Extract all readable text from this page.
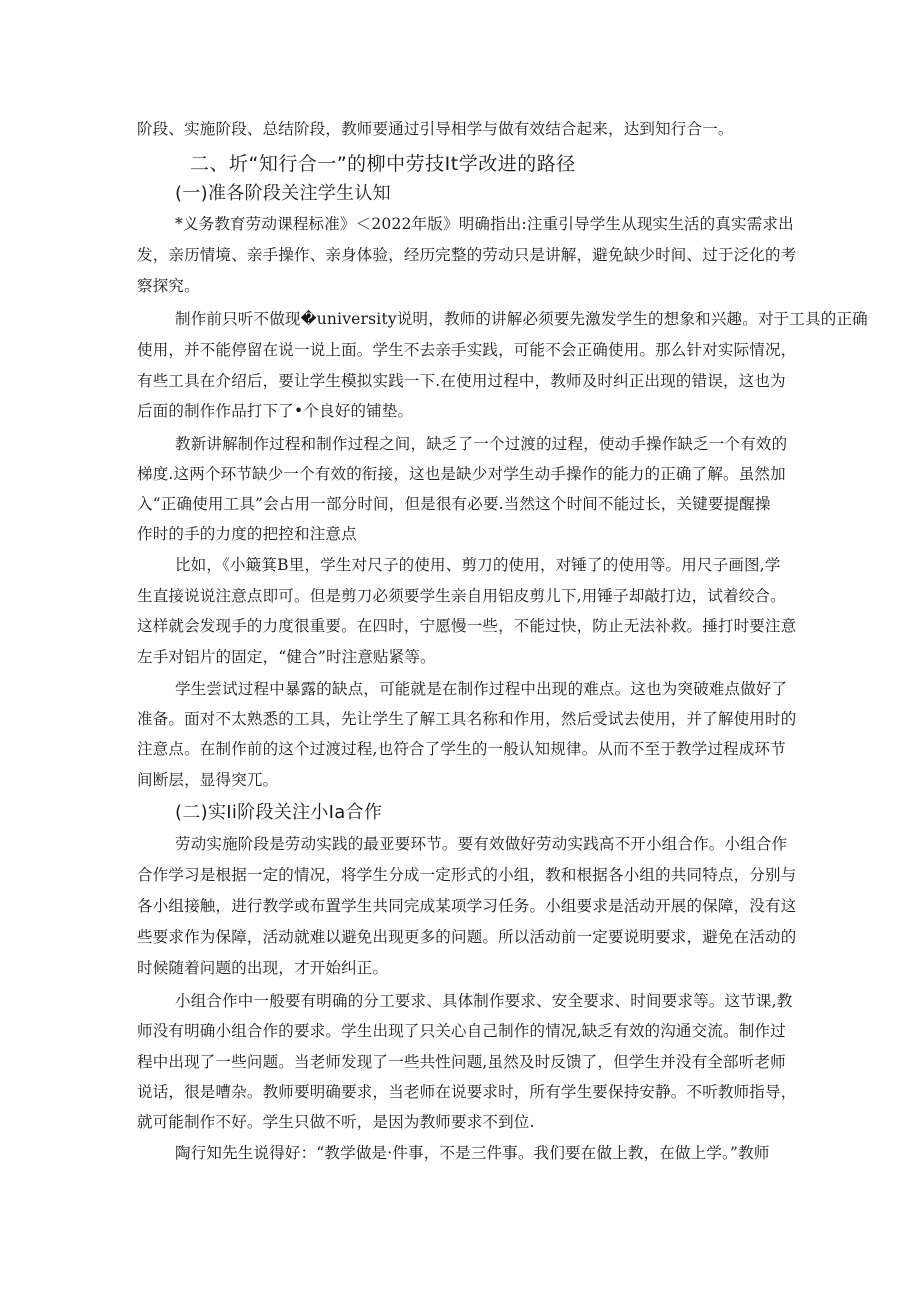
阶段、实施阶段、总结阶段，教师要通过引导相学与做有效结合起来，达到知行合一。
二、圻“知行合一”的柳中劳技It学改进的路径
(一)准各阶段关注学生认知
*义务教育劳动课程标准》＜2022年版》明确指出:注重引导学生从现实生活的真实需求出
发，亲历情境、亲手操作、亲身体验，经历完整的劳动只是讲解，避免缺少时间、过于泛化的考
察探究。
制作前只听不做现�university说明，教师的讲解必须要先激发学生的想象和兴趣。对于工具的正确
使用，并不能停留在说一说上面。学生不去亲手实践，可能不会正确使用。那么针对实际情况，
有些工具在介绍后，要让学生模拟实践一下.在使用过程中，教师及时纠正出现的错误，这也为
后面的制作作品打下了•个良好的铺垫。
教新讲解制作过程和制作过程之间，缺乏了一个过渡的过程，使动手操作缺乏一个有效的
梯度.这两个环节缺少一个有效的衔接，这也是缺少对学生动手操作的能力的正确了解。虽然加
入“正确使用工具”会占用一部分时间，但是很有必要.当然这个时间不能过长，关键要提醒操
作时的手的力度的把控和注意点
比如，《小簸箕B里，学生对尺子的使用、剪刀的使用，对锤了的使用等。用尺子画图,学
生直接说说注意点即可。但是剪刀必须要学生亲自用铝皮剪儿下,用锤子却敲打边，试着绞合。
这样就会发现手的力度很重要。在四时，宁愿慢一些，不能过快，防止无法补救。捶打时要注意
左手对铝片的固定，“健合”时注意贴紧等。
学生尝试过程中暴露的缺点，可能就是在制作过程中出现的难点。这也为突破难点做好了
准备。面对不太熟悉的工具，先让学生了解工具名称和作用，然后受试去使用，并了解使用时的
注意点。在制作前的这个过渡过程,也符合了学生的一般认知规律。从而不至于教学过程成环节
间断层，显得突兀。
(二)实Ii阶段关注小Ia合作
劳动实施阶段是劳动实践的最亚要环节。要有效做好劳动实践高不开小组合作。小组合作
合作学习是根据一定的情况，将学生分成一定形式的小组，教和根据各小组的共同特点，分别与
各小组接触，进行教学或布置学生共同完成某项学习任务。小组要求是活动开展的保障，没有这
些要求作为保障，活动就难以避免出现更多的问题。所以活动前一定要说明要求，避免在活动的
时候随着问题的出现，才开始纠正。
小组合作中一般要有明确的分工要求、具体制作要求、安全要求、时间要求等。这节课,教
师没有明确小组合作的要求。学生出现了只关心自己制作的情况,缺乏有效的沟通交流。制作过
程中出现了一些问题。当老师发现了一些共性问题,虽然及时反馈了，但学生并没有全部听老师
说话，很是嘈杂。教师要明确要求，当老师在说要求时，所有学生要保持安静。不听教师指导，
就可能制作不好。学生只做不听，是因为教师要求不到位.
陶行知先生说得好：“教学做是·件事，不是三件事。我们要在做上教，在做上学。”教师
